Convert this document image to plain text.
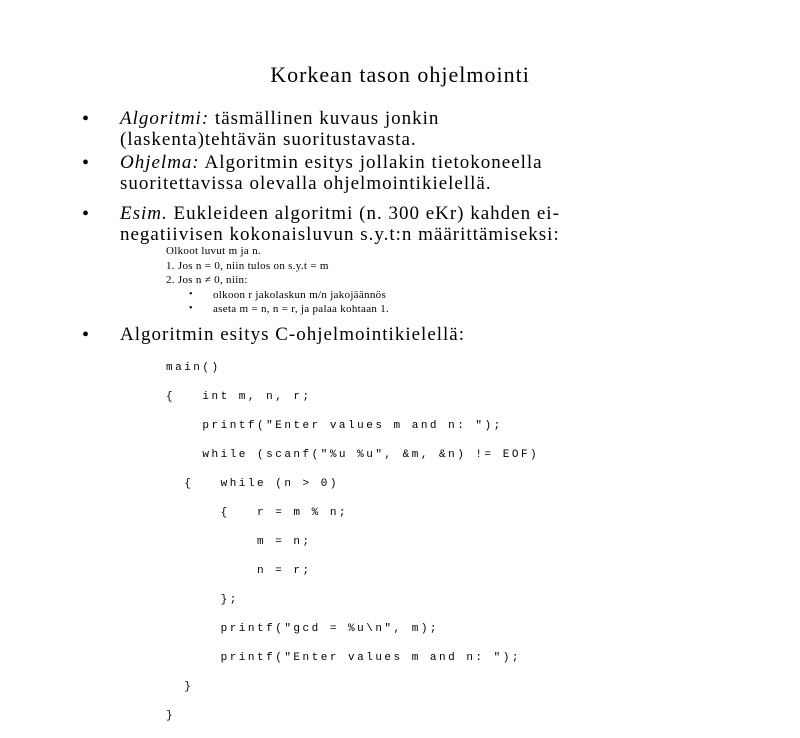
Korkean tason ohjelmointi
• Algoritmi: täsmällinen kuvaus jonkin
(laskenta)tehtävän suoritustavasta.
• Ohjelma: Algoritmin esitys jollakin tietokoneella
suoritettavissa olevalla ohjelmointikielellä.
• Esim. Eukleideen algoritmi (n. 300 eKr) kahden ei-
negatiivisen kokonaisluvun s.y.t:n määrittämiseksi:
Olkoot luvut m ja n.
1. Jos n = 0, niin tulos on s.y.t = m
2. Jos n ≠ 0, niin:
• olkoon r jakolaskun m/n jakojäännös
• aseta m = n, n = r, ja palaa kohtaan 1.
• Algoritmin esitys C-ohjelmointikielellä:

main()

{   int m, n, r;

printf("Enter values m and n: ");

while (scanf("%u %u", &m, &n) != EOF)

{   while (n > 0)

{   r = m % n;

m = n;

n = r;

};

printf("gcd = %u\n", m);

printf("Enter values m and n: ");

}

}
